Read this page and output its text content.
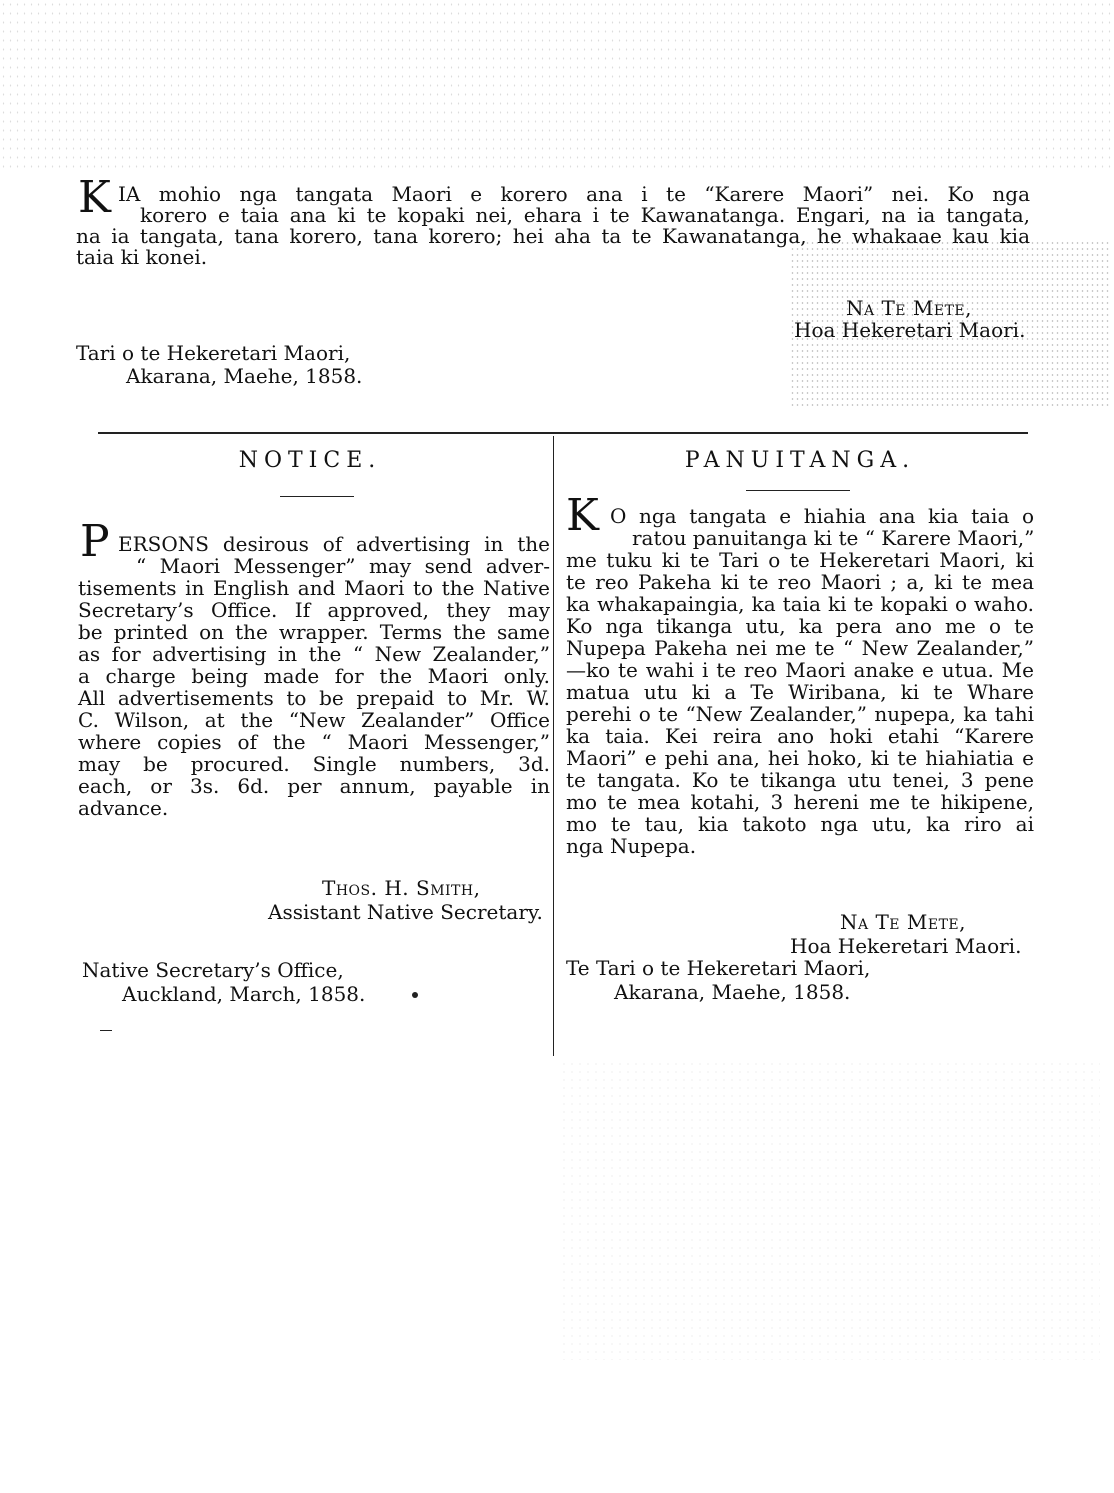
K IA mohio nga tangata Maori e korero ana i te “Karere Maori” nei. Ko nga
korero e taia ana ki te kopaki nei, ehara i te Kawanatanga. Engari, na ia tangata,
na ia tangata, tana korero, tana korero; hei aha ta te Kawanatanga, he whakaae kau kia
taia ki konei.
Na Te Mete,
Hoa Hekeretari Maori.
Tari o te Hekeretari Maori,
Akarana, Maehe, 1858.
NOTICE.
P ERSONS desirous of advertising in the
“ Maori Messenger” may send adver-
tisements in English and Maori to the Native
Secretary’s Office. If approved, they may
be printed on the wrapper. Terms the same
as for advertising in the “ New Zealander,”
a charge being made for the Maori only.
All advertisements to be prepaid to Mr. W.
C. Wilson, at the “New Zealander” Office
where copies of the “ Maori Messenger,”
may be procured. Single numbers, 3d.
each, or 3s. 6d. per annum, payable in
advance.
Thos. H. Smith,
Assistant Native Secretary.
Native Secretary’s Office,
Auckland, March, 1858.
PANUITANGA.
K O nga tangata e hiahia ana kia taia o
ratou panuitanga ki te “ Karere Maori,”
me tuku ki te Tari o te Hekeretari Maori, ki
te reo Pakeha ki te reo Maori ; a, ki te mea
ka whakapaingia, ka taia ki te kopaki o waho.
Ko nga tikanga utu, ka pera ano me o te
Nupepa Pakeha nei me te “ New Zealander,”
—ko te wahi i te reo Maori anake e utua. Me
matua utu ki a Te Wiribana, ki te Whare
perehi o te “New Zealander,” nupepa, ka tahi
ka taia. Kei reira ano hoki etahi “Karere
Maori” e pehi ana, hei hoko, ki te hiahiatia e
te tangata. Ko te tikanga utu tenei, 3 pene
mo te mea kotahi, 3 hereni me te hikipene,
mo te tau, kia takoto nga utu, ka riro ai
nga Nupepa.
Na Te Mete,
Hoa Hekeretari Maori.
Te Tari o te Hekeretari Maori,
Akarana, Maehe, 1858.
